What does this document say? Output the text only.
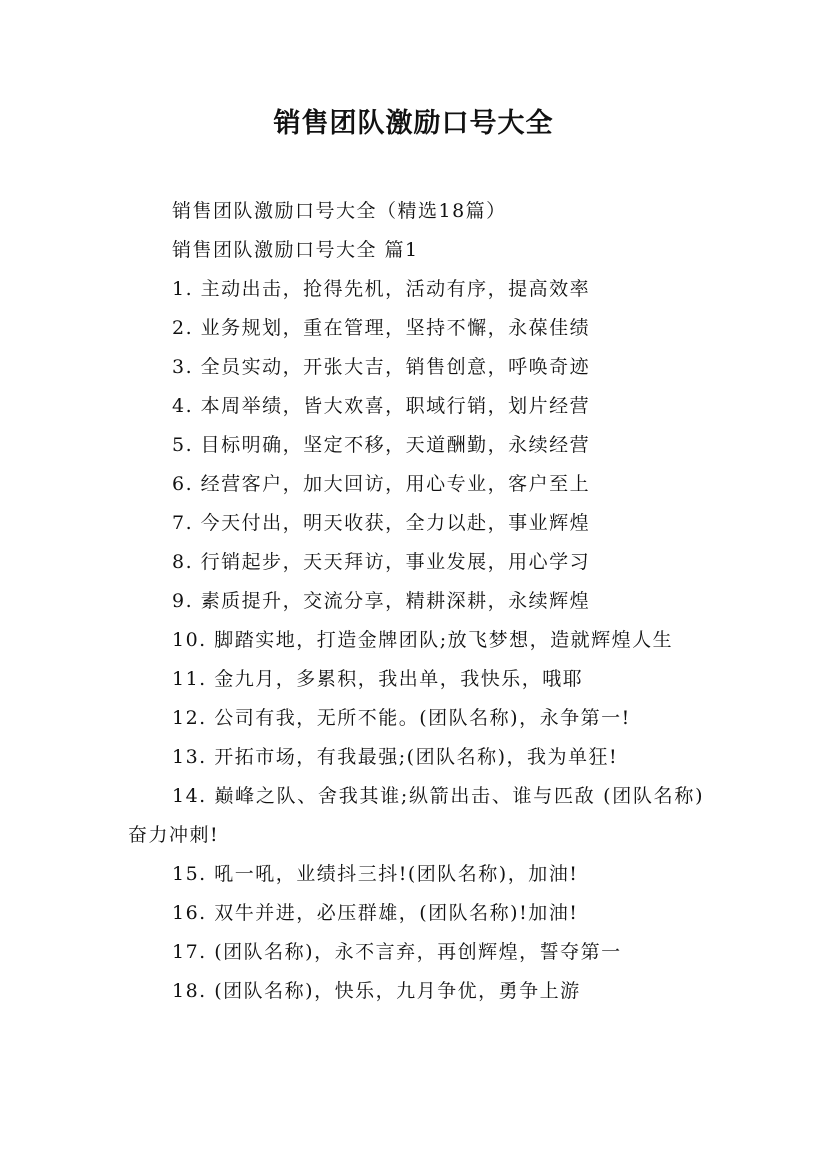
销售团队激励口号大全

销售团队激励口号大全（精选18篇）

销售团队激励口号大全 篇1

1. 主动出击，抢得先机，活动有序，提高效率

2. 业务规划，重在管理，坚持不懈，永葆佳绩

3. 全员实动，开张大吉，销售创意，呼唤奇迹

4. 本周举绩，皆大欢喜，职域行销，划片经营

5. 目标明确，坚定不移，天道酬勤，永续经营

6. 经营客户，加大回访，用心专业，客户至上

7. 今天付出，明天收获，全力以赴，事业辉煌

8. 行销起步，天天拜访，事业发展，用心学习

9. 素质提升，交流分享，精耕深耕，永续辉煌

10. 脚踏实地，打造金牌团队;放飞梦想，造就辉煌人生

11. 金九月，多累积，我出单，我快乐，哦耶

12. 公司有我，无所不能。(团队名称)，永争第一!

13. 开拓市场，有我最强;(团队名称)，我为单狂!

14. 巅峰之队、舍我其谁;纵箭出击、谁与匹敌 (团队名称) 奋力冲刺!

15. 吼一吼，业绩抖三抖!(团队名称)，加油!

16. 双牛并进，必压群雄，(团队名称)!加油!

17. (团队名称)，永不言弃，再创辉煌，誓夺第一

18. (团队名称)，快乐，九月争优，勇争上游
